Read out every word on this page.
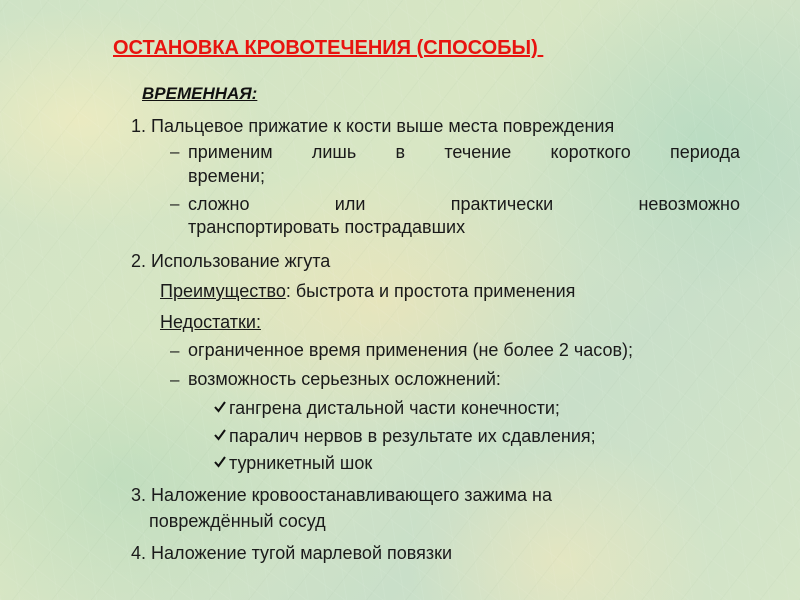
ОСТАНОВКА КРОВОТЕЧЕНИЯ (СПОСОБЫ)
ВРЕМЕННАЯ:
1. Пальцевое прижатие к кости выше места повреждения
– применим лишь в течение короткого периода
времени;
– сложно или практически невозможно
транспортировать пострадавших
2. Использование жгута
Преимущество: быстрота и простота применения
Недостатки:
– ограниченное время применения (не более 2 часов);
– возможность серьезных осложнений:
гангрена дистальной части конечности;
паралич нервов в результате их сдавления;
турникетный шок
3. Наложение кровоостанавливающего зажима на
повреждённый сосуд
4. Наложение тугой марлевой повязки
